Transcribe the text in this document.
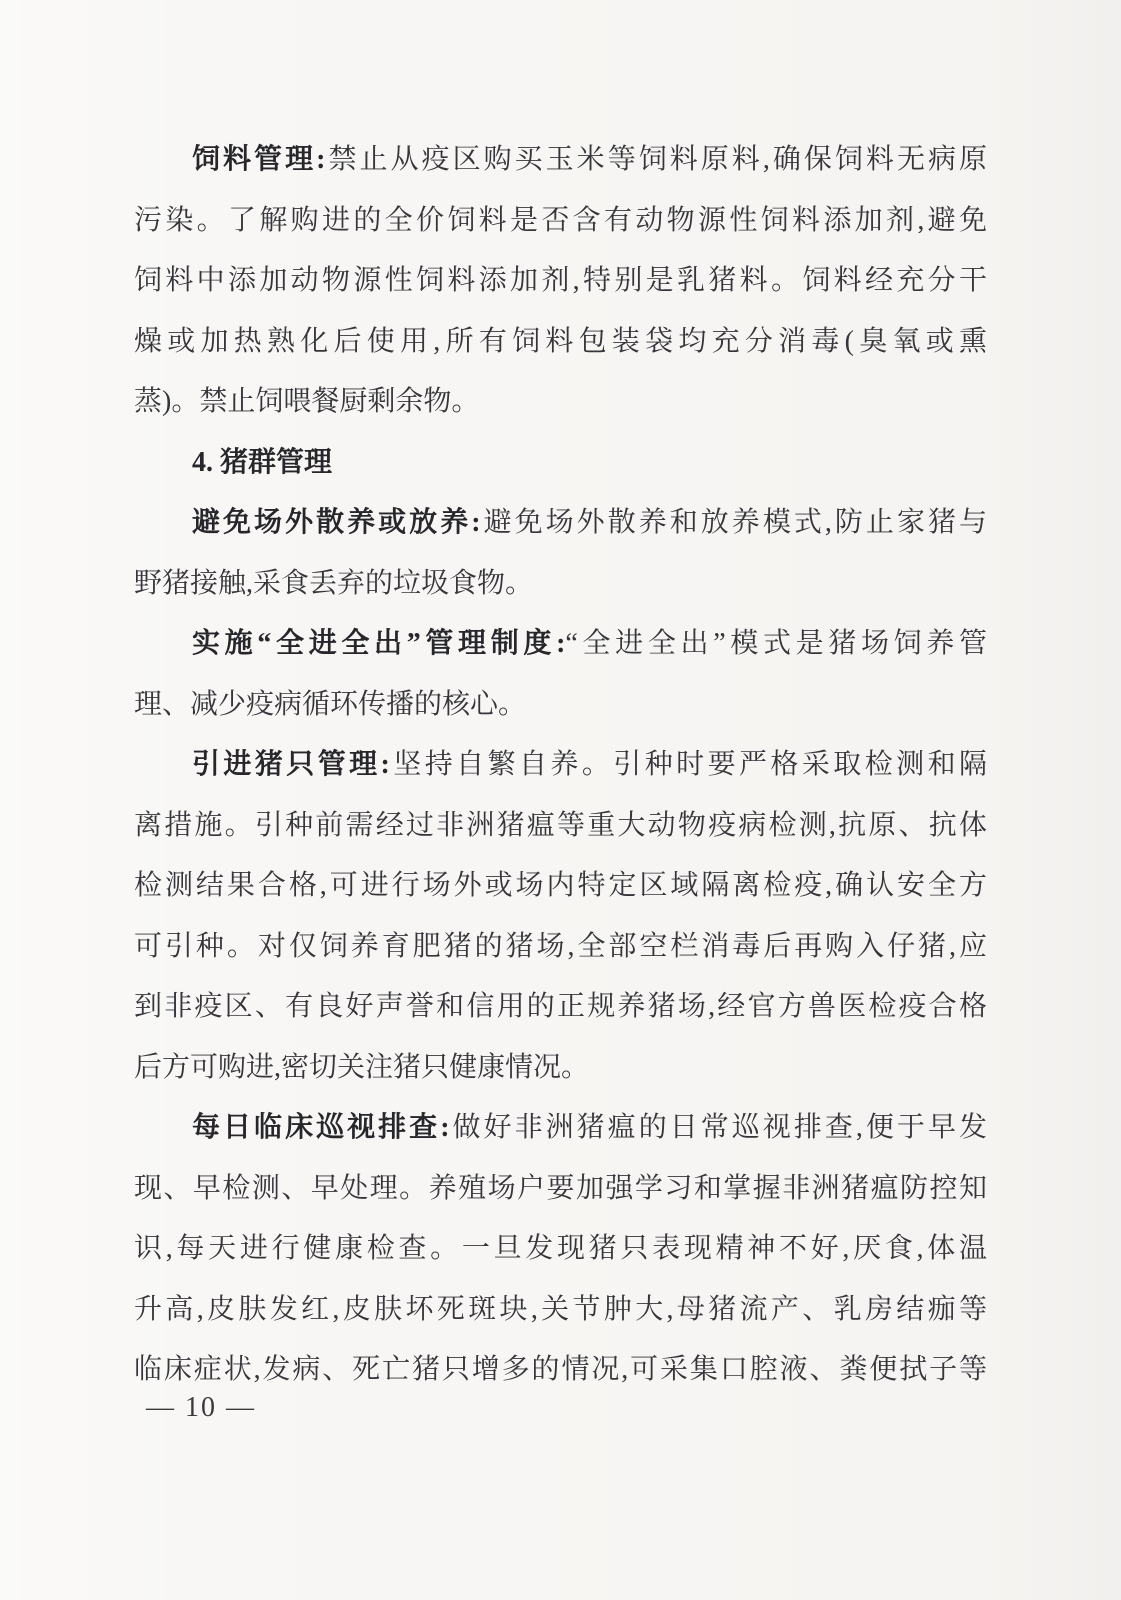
饲料管理:禁止从疫区购买玉米等饲料原料,确保饲料无病原
污染。了解购进的全价饲料是否含有动物源性饲料添加剂,避免
饲料中添加动物源性饲料添加剂,特别是乳猪料。饲料经充分干
燥或加热熟化后使用,所有饲料包装袋均充分消毒(臭氧或熏
蒸)。禁止饲喂餐厨剩余物。
4. 猪群管理
避免场外散养或放养:避免场外散养和放养模式,防止家猪与
野猪接触,采食丢弃的垃圾食物。
实施“全进全出”管理制度:“全进全出”模式是猪场饲养管
理、减少疫病循环传播的核心。
引进猪只管理:坚持自繁自养。引种时要严格采取检测和隔
离措施。引种前需经过非洲猪瘟等重大动物疫病检测,抗原、抗体
检测结果合格,可进行场外或场内特定区域隔离检疫,确认安全方
可引种。对仅饲养育肥猪的猪场,全部空栏消毒后再购入仔猪,应
到非疫区、有良好声誉和信用的正规养猪场,经官方兽医检疫合格
后方可购进,密切关注猪只健康情况。
每日临床巡视排查:做好非洲猪瘟的日常巡视排查,便于早发
现、早检测、早处理。养殖场户要加强学习和掌握非洲猪瘟防控知
识,每天进行健康检查。一旦发现猪只表现精神不好,厌食,体温
升高,皮肤发红,皮肤坏死斑块,关节肿大,母猪流产、乳房结痂等
临床症状,发病、死亡猪只增多的情况,可采集口腔液、粪便拭子等
— 10 —
